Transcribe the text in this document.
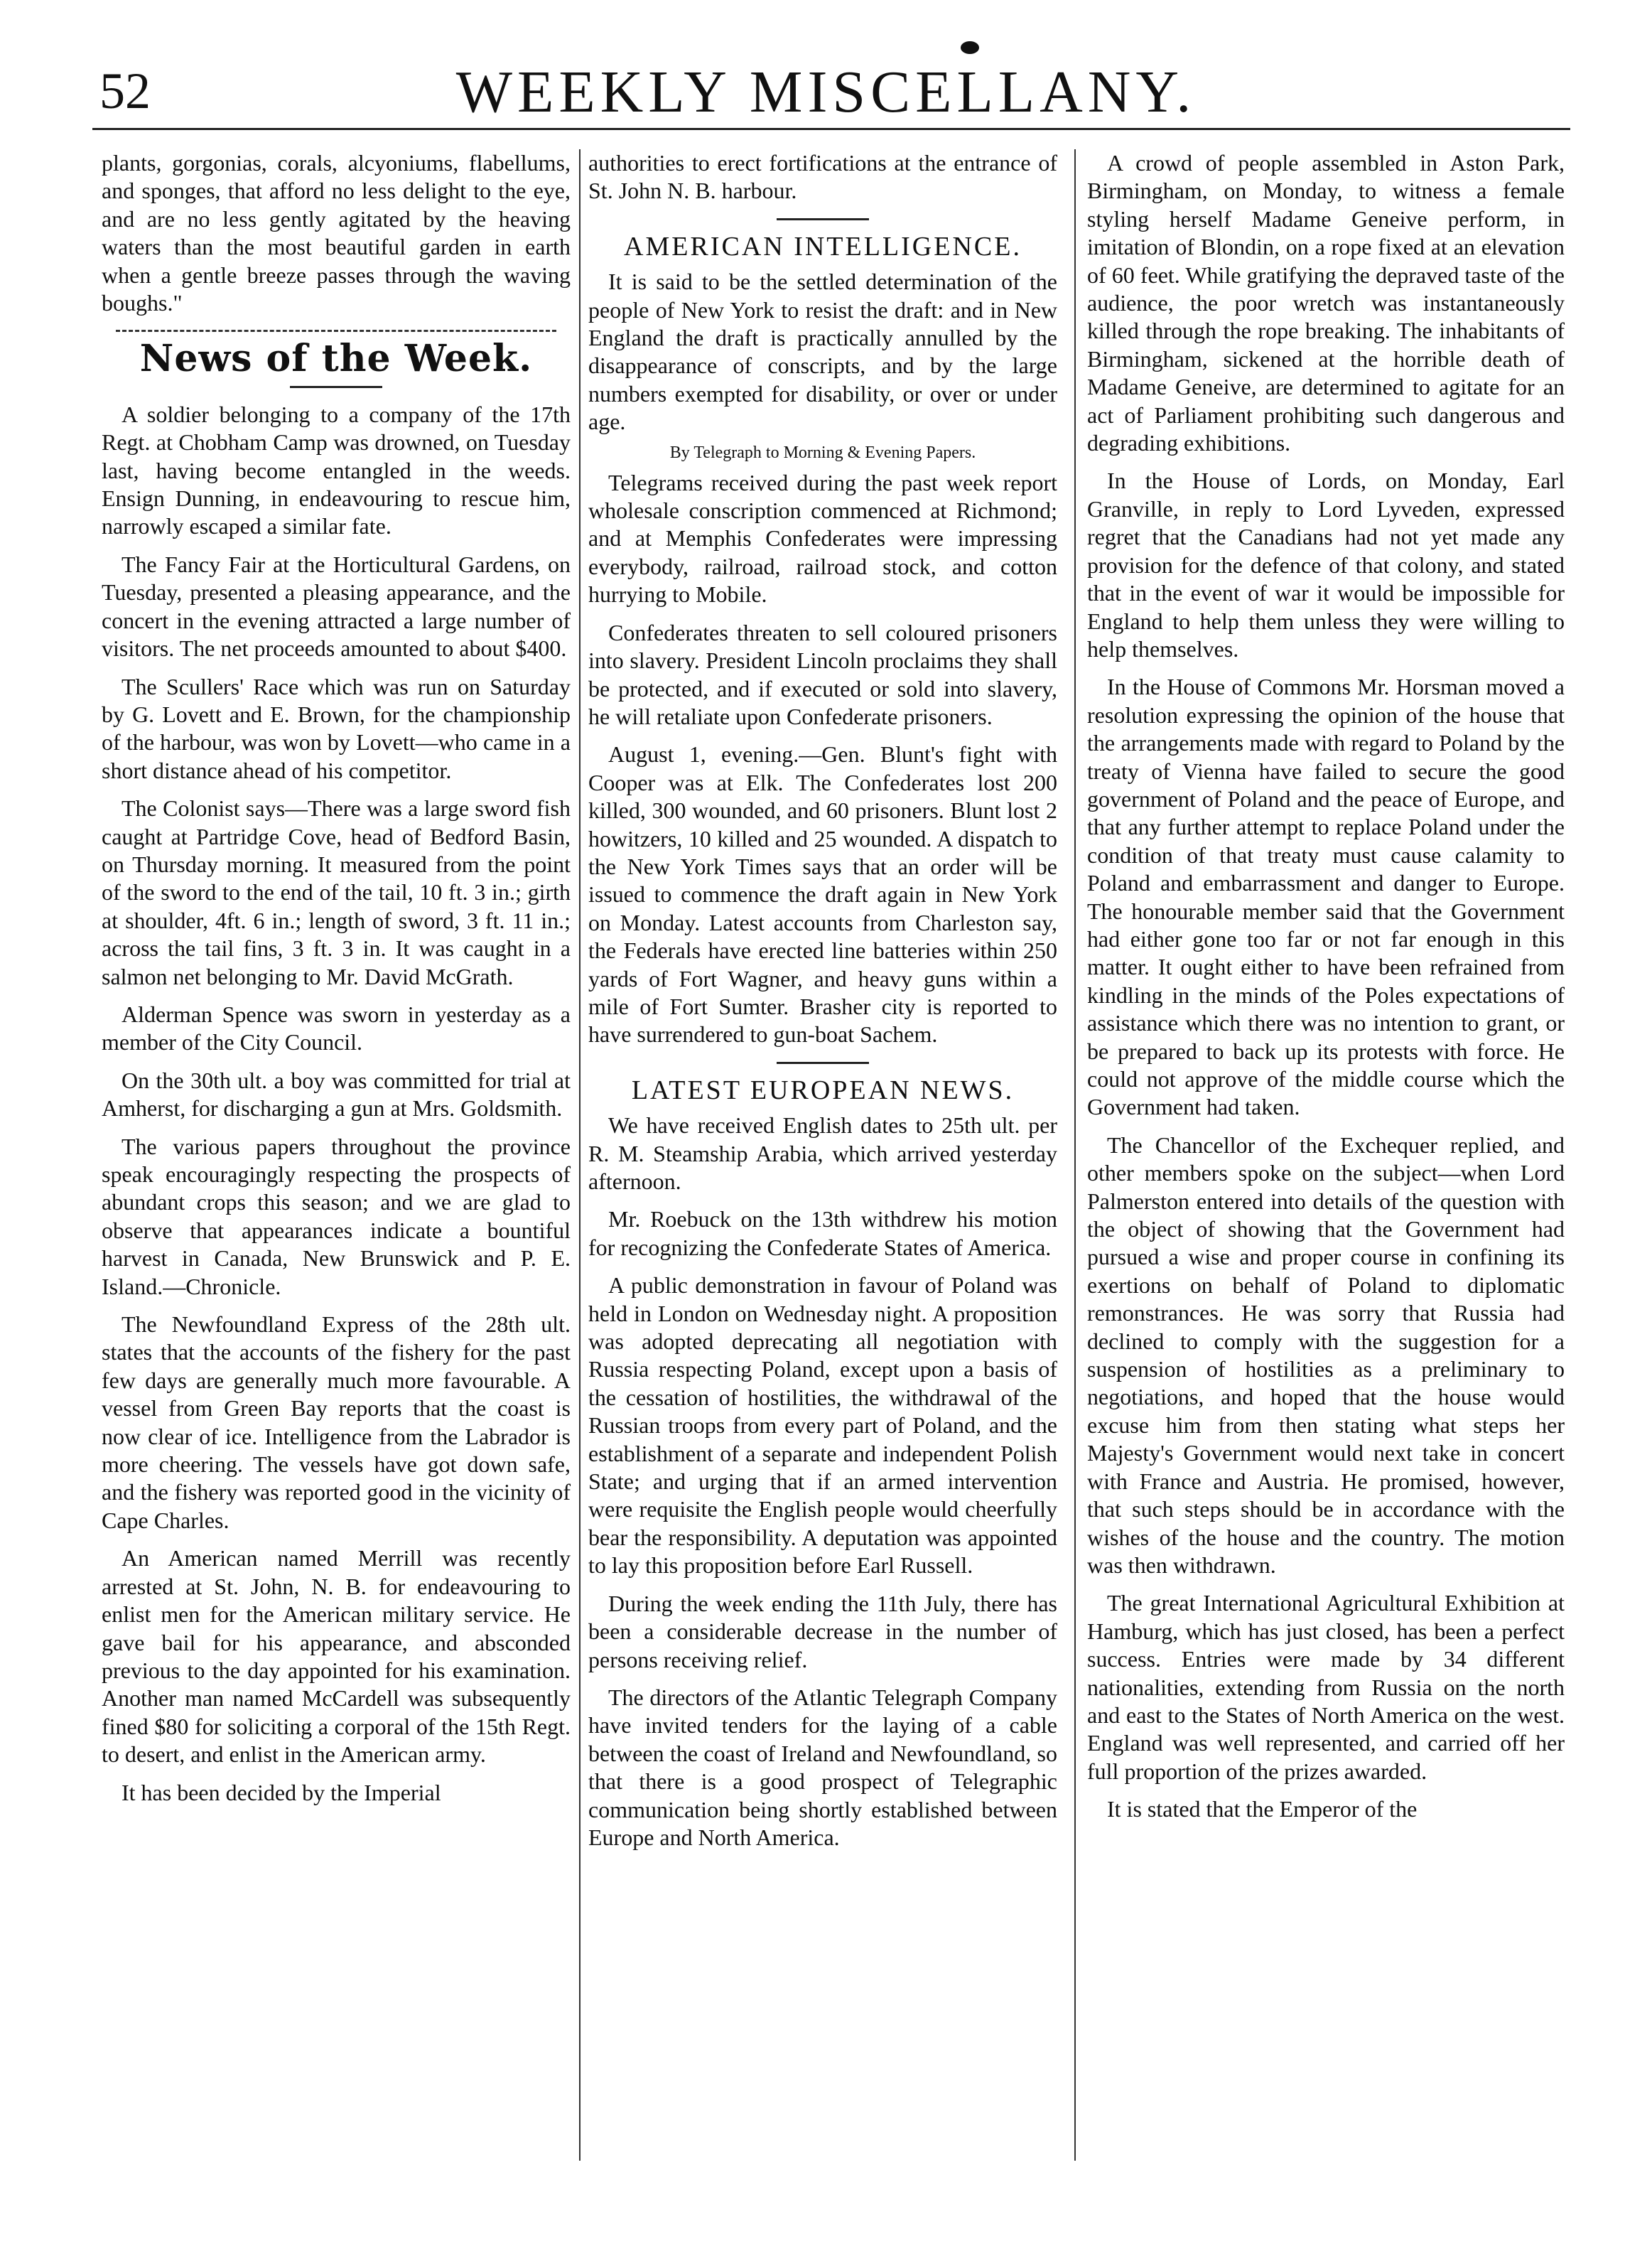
52	WEEKLY MISCELLANY.

plants, gorgonias, corals, alcyoniums, flabellums, and sponges, that afford no less delight to the eye, and are no less gently agitated by the heaving waters than the most beautiful garden in earth when a gentle breeze passes through the waving boughs."

News of the Week.

A soldier belonging to a company of the 17th Regt. at Chobham Camp was drowned, on Tuesday last, having become entangled in the weeds. Ensign Dunning, in endeavouring to rescue him, narrowly escaped a similar fate.

The Fancy Fair at the Horticultural Gardens, on Tuesday, presented a pleasing appearance, and the concert in the evening attracted a large number of visitors. The net proceeds amounted to about $400.

The Scullers' Race which was run on Saturday by G. Lovett and E. Brown, for the championship of the harbour, was won by Lovett—who came in a short distance ahead of his competitor.

The Colonist says—There was a large sword fish caught at Partridge Cove, head of Bedford Basin, on Thursday morning. It measured from the point of the sword to the end of the tail, 10 ft. 3 in.; girth at shoulder, 4ft. 6 in.; length of sword, 3 ft. 11 in.; across the tail fins, 3 ft. 3 in. It was caught in a salmon net belonging to Mr. David McGrath.

Alderman Spence was sworn in yesterday as a member of the City Council.

On the 30th ult. a boy was committed for trial at Amherst, for discharging a gun at Mrs. Goldsmith.

The various papers throughout the province speak encouragingly respecting the prospects of abundant crops this season; and we are glad to observe that appearances indicate a bountiful harvest in Canada, New Brunswick and P. E. Island.—Chronicle.

The Newfoundland Express of the 28th ult. states that the accounts of the fishery for the past few days are generally much more favourable. A vessel from Green Bay reports that the coast is now clear of ice. Intelligence from the Labrador is more cheering. The vessels have got down safe, and the fishery was reported good in the vicinity of Cape Charles.

An American named Merrill was recently arrested at St. John, N. B. for endeavouring to enlist men for the American military service. He gave bail for his appearance, and absconded previous to the day appointed for his examination. Another man named McCardell was subsequently fined $80 for soliciting a corporal of the 15th Regt. to desert, and enlist in the American army.

It has been decided by the Imperial

authorities to erect fortifications at the entrance of St. John N. B. harbour.

AMERICAN INTELLIGENCE.

It is said to be the settled determination of the people of New York to resist the draft: and in New England the draft is practically annulled by the disappearance of conscripts, and by the large numbers exempted for disability, or over or under age.

By Telegraph to Morning & Evening Papers.

Telegrams received during the past week report wholesale conscription commenced at Richmond; and at Memphis Confederates were impressing everybody, railroad, railroad stock, and cotton hurrying to Mobile.

Confederates threaten to sell coloured prisoners into slavery. President Lincoln proclaims they shall be protected, and if executed or sold into slavery, he will retaliate upon Confederate prisoners.

August 1, evening.—Gen. Blunt's fight with Cooper was at Elk. The Confederates lost 200 killed, 300 wounded, and 60 prisoners. Blunt lost 2 howitzers, 10 killed and 25 wounded. A dispatch to the New York Times says that an order will be issued to commence the draft again in New York on Monday. Latest accounts from Charleston say, the Federals have erected line batteries within 250 yards of Fort Wagner, and heavy guns within a mile of Fort Sumter. Brasher city is reported to have surrendered to gun-boat Sachem.

LATEST EUROPEAN NEWS.

We have received English dates to 25th ult. per R. M. Steamship Arabia, which arrived yesterday afternoon.

Mr. Roebuck on the 13th withdrew his motion for recognizing the Confederate States of America.

A public demonstration in favour of Poland was held in London on Wednesday night. A proposition was adopted deprecating all negotiation with Russia respecting Poland, except upon a basis of the cessation of hostilities, the withdrawal of the Russian troops from every part of Poland, and the establishment of a separate and independent Polish State; and urging that if an armed intervention were requisite the English people would cheerfully bear the responsibility. A deputation was appointed to lay this proposition before Earl Russell.

During the week ending the 11th July, there has been a considerable decrease in the number of persons receiving relief.

The directors of the Atlantic Telegraph Company have invited tenders for the laying of a cable between the coast of Ireland and Newfoundland, so that there is a good prospect of Telegraphic communication being shortly established between Europe and North America.

A crowd of people assembled in Aston Park, Birmingham, on Monday, to witness a female styling herself Madame Geneive perform, in imitation of Blondin, on a rope fixed at an elevation of 60 feet. While gratifying the depraved taste of the audience, the poor wretch was instantaneously killed through the rope breaking. The inhabitants of Birmingham, sickened at the horrible death of Madame Geneive, are determined to agitate for an act of Parliament prohibiting such dangerous and degrading exhibitions.

In the House of Lords, on Monday, Earl Granville, in reply to Lord Lyveden, expressed regret that the Canadians had not yet made any provision for the defence of that colony, and stated that in the event of war it would be impossible for England to help them unless they were willing to help themselves.

In the House of Commons Mr. Horsman moved a resolution expressing the opinion of the house that the arrangements made with regard to Poland by the treaty of Vienna have failed to secure the good government of Poland and the peace of Europe, and that any further attempt to replace Poland under the condition of that treaty must cause calamity to Poland and embarrassment and danger to Europe. The honourable member said that the Government had either gone too far or not far enough in this matter. It ought either to have been refrained from kindling in the minds of the Poles expectations of assistance which there was no intention to grant, or be prepared to back up its protests with force. He could not approve of the middle course which the Government had taken.

The Chancellor of the Exchequer replied, and other members spoke on the subject—when Lord Palmerston entered into details of the question with the object of showing that the Government had pursued a wise and proper course in confining its exertions on behalf of Poland to diplomatic remonstrances. He was sorry that Russia had declined to comply with the suggestion for a suspension of hostilities as a preliminary to negotiations, and hoped that the house would excuse him from then stating what steps her Majesty's Government would next take in concert with France and Austria. He promised, however, that such steps should be in accordance with the wishes of the house and the country. The motion was then withdrawn.

The great International Agricultural Exhibition at Hamburg, which has just closed, has been a perfect success. Entries were made by 34 different nationalities, extending from Russia on the north and east to the States of North America on the west. England was well represented, and carried off her full proportion of the prizes awarded.

It is stated that the Emperor of the
